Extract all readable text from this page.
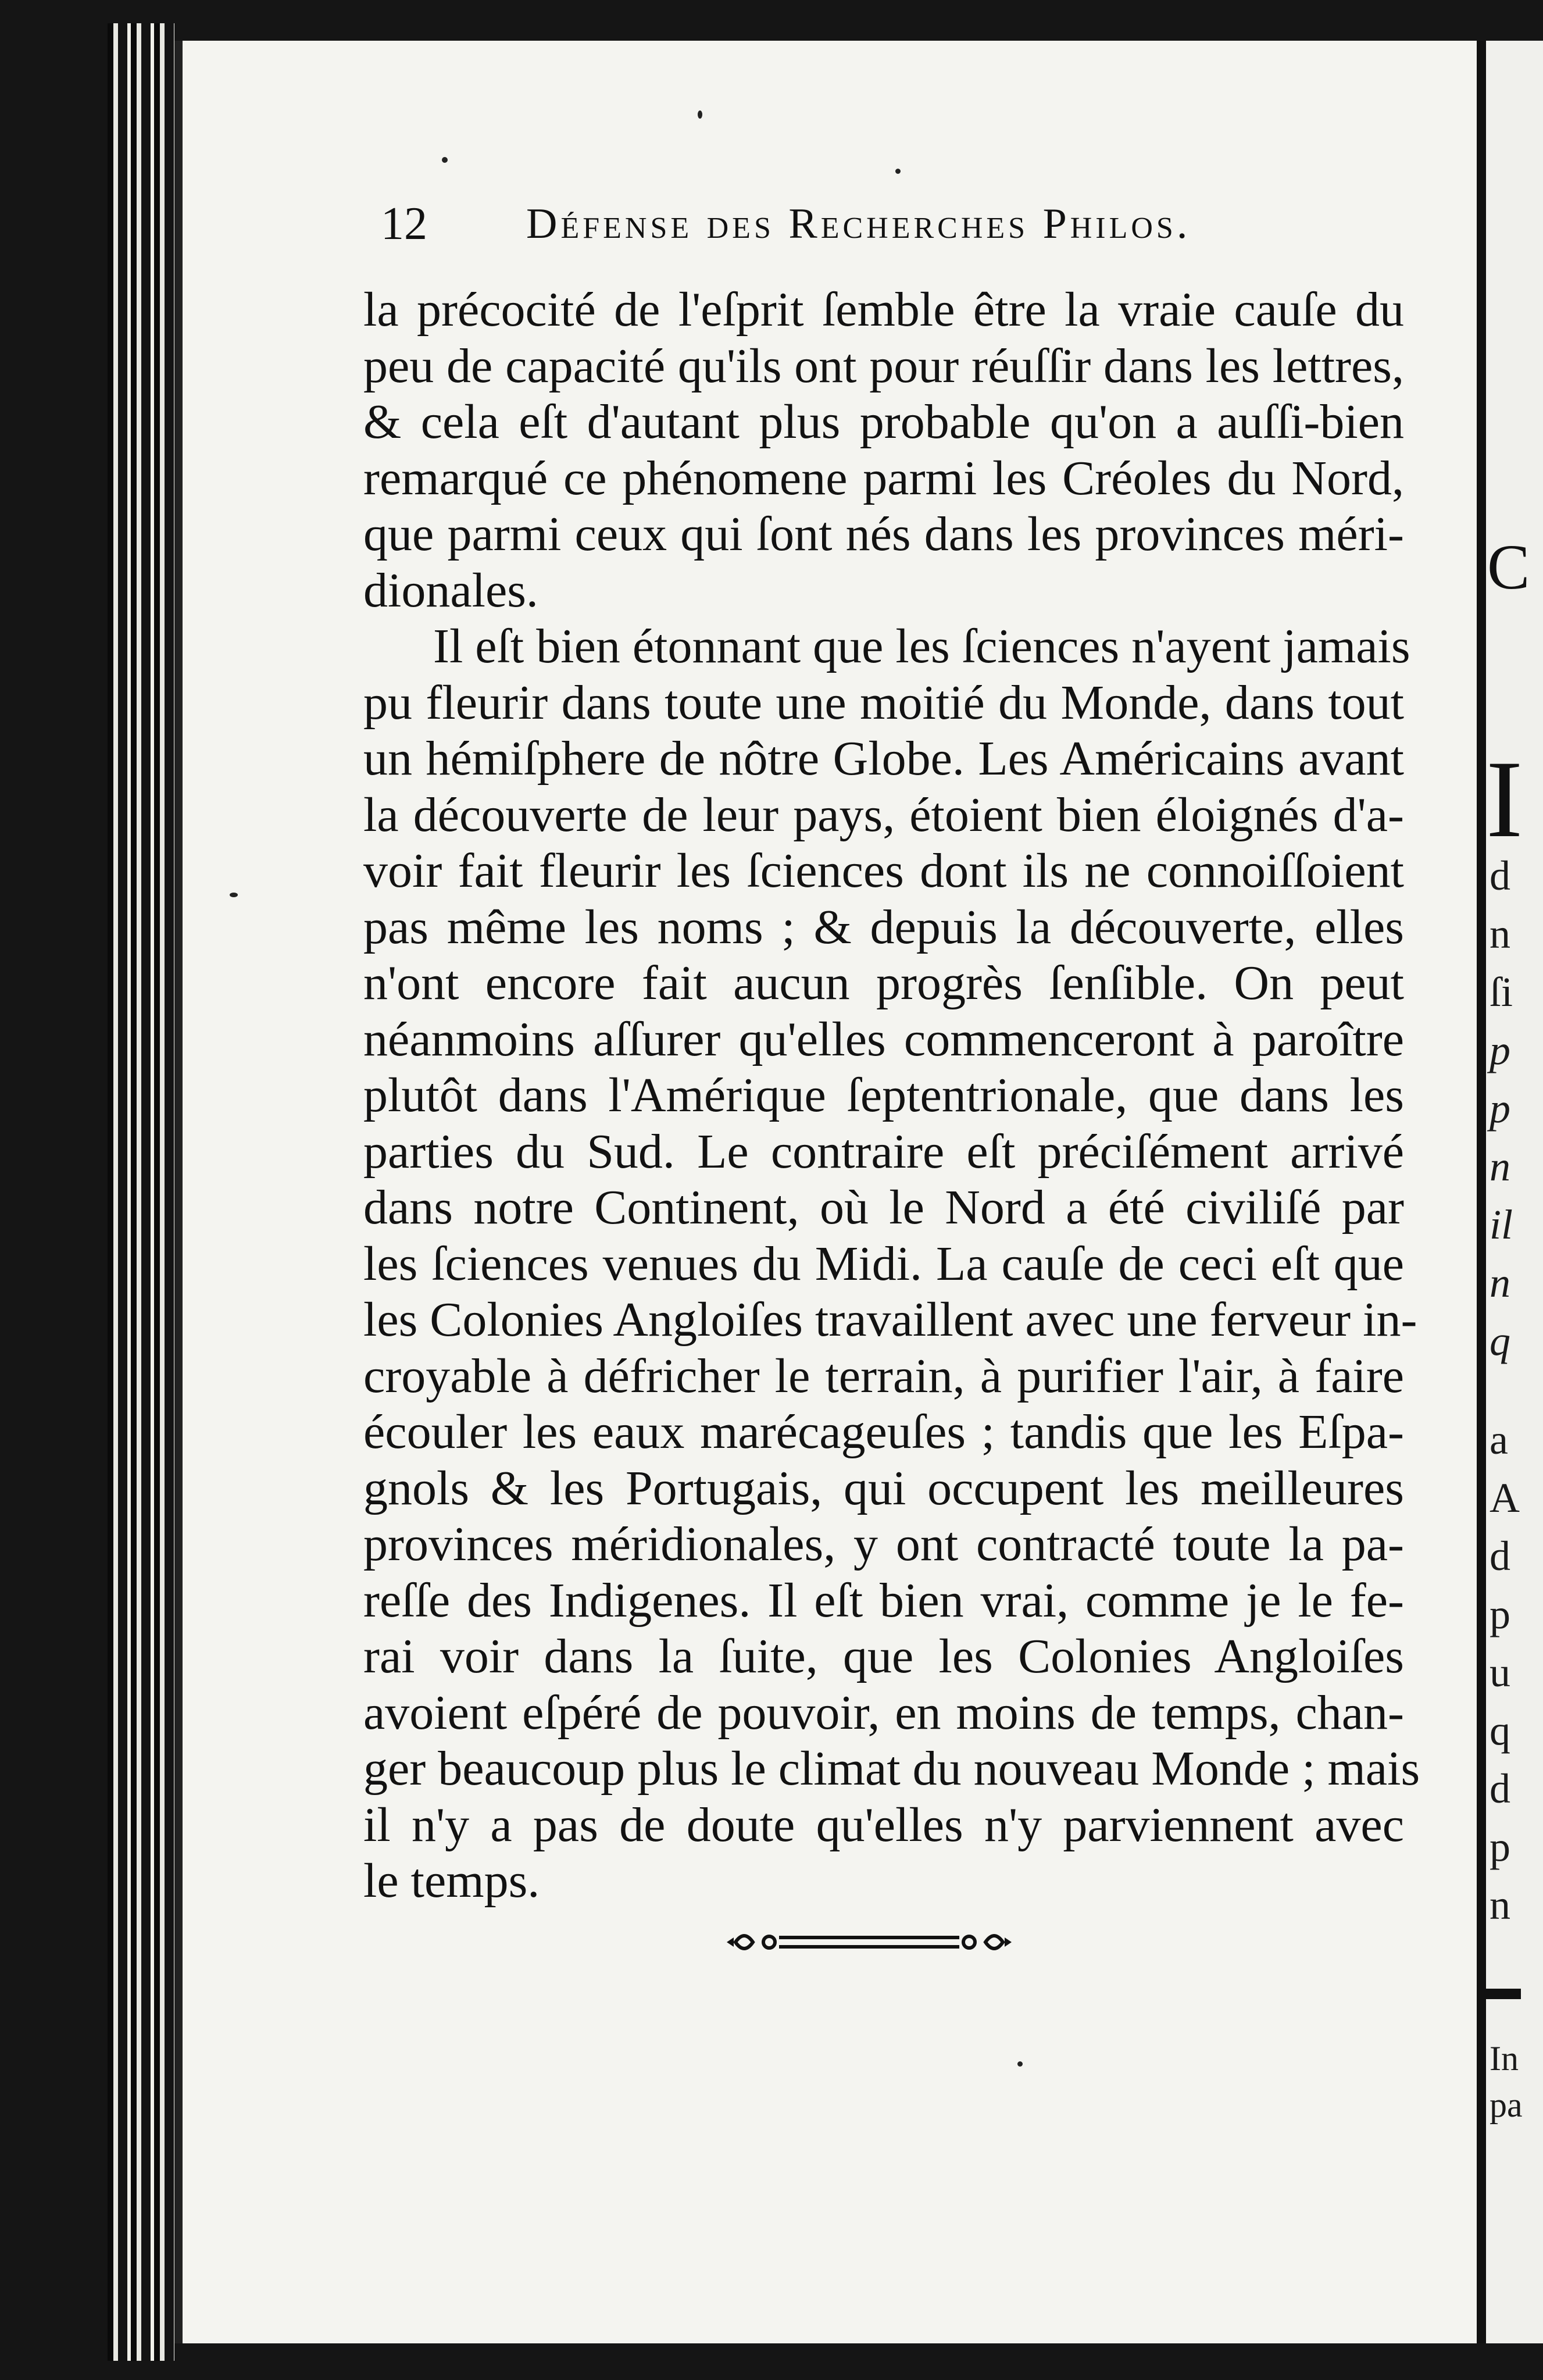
12 Défense des Recherches Philos.

la précocité de l'eſprit ſemble être la vraie cauſe du
peu de capacité qu'ils ont pour réuſſir dans les lettres,
& cela eſt d'autant plus probable qu'on a auſſi-bien
remarqué ce phénomene parmi les Créoles du Nord,
que parmi ceux qui ſont nés dans les provinces méri-
dionales.

Il eſt bien étonnant que les ſciences n'ayent jamais
pu fleurir dans toute une moitié du Monde, dans tout
un hémiſphere de nôtre Globe. Les Américains avant
la découverte de leur pays, étoient bien éloignés d'a-
voir fait fleurir les ſciences dont ils ne connoiſſoient
pas même les noms ; & depuis la découverte, elles
n'ont encore fait aucun progrès ſenſible. On peut
néanmoins aſſurer qu'elles commenceront à paroître
plutôt dans l'Amérique ſeptentrionale, que dans les
parties du Sud. Le contraire eſt préciſément arrivé
dans notre Continent, où le Nord a été civiliſé par
les ſciences venues du Midi. La cauſe de ceci eſt que
les Colonies Angloiſes travaillent avec une ferveur in-
croyable à défricher le terrain, à purifier l'air, à faire
écouler les eaux marécageuſes ; tandis que les Eſpa-
gnols & les Portugais, qui occupent les meilleures
provinces méridionales, y ont contracté toute la pa-
reſſe des Indigenes. Il eſt bien vrai, comme je le fe-
rai voir dans la ſuite, que les Colonies Angloiſes
avoient eſpéré de pouvoir, en moins de temps, chan-
ger beaucoup plus le climat du nouveau Monde ; mais
il n'y a pas de doute qu'elles n'y parviennent avec
le temps.

C
I
d
n
ſi
p
p
n
il
n
q
a
A
d
p
u
q
d
p
n
In
pa
